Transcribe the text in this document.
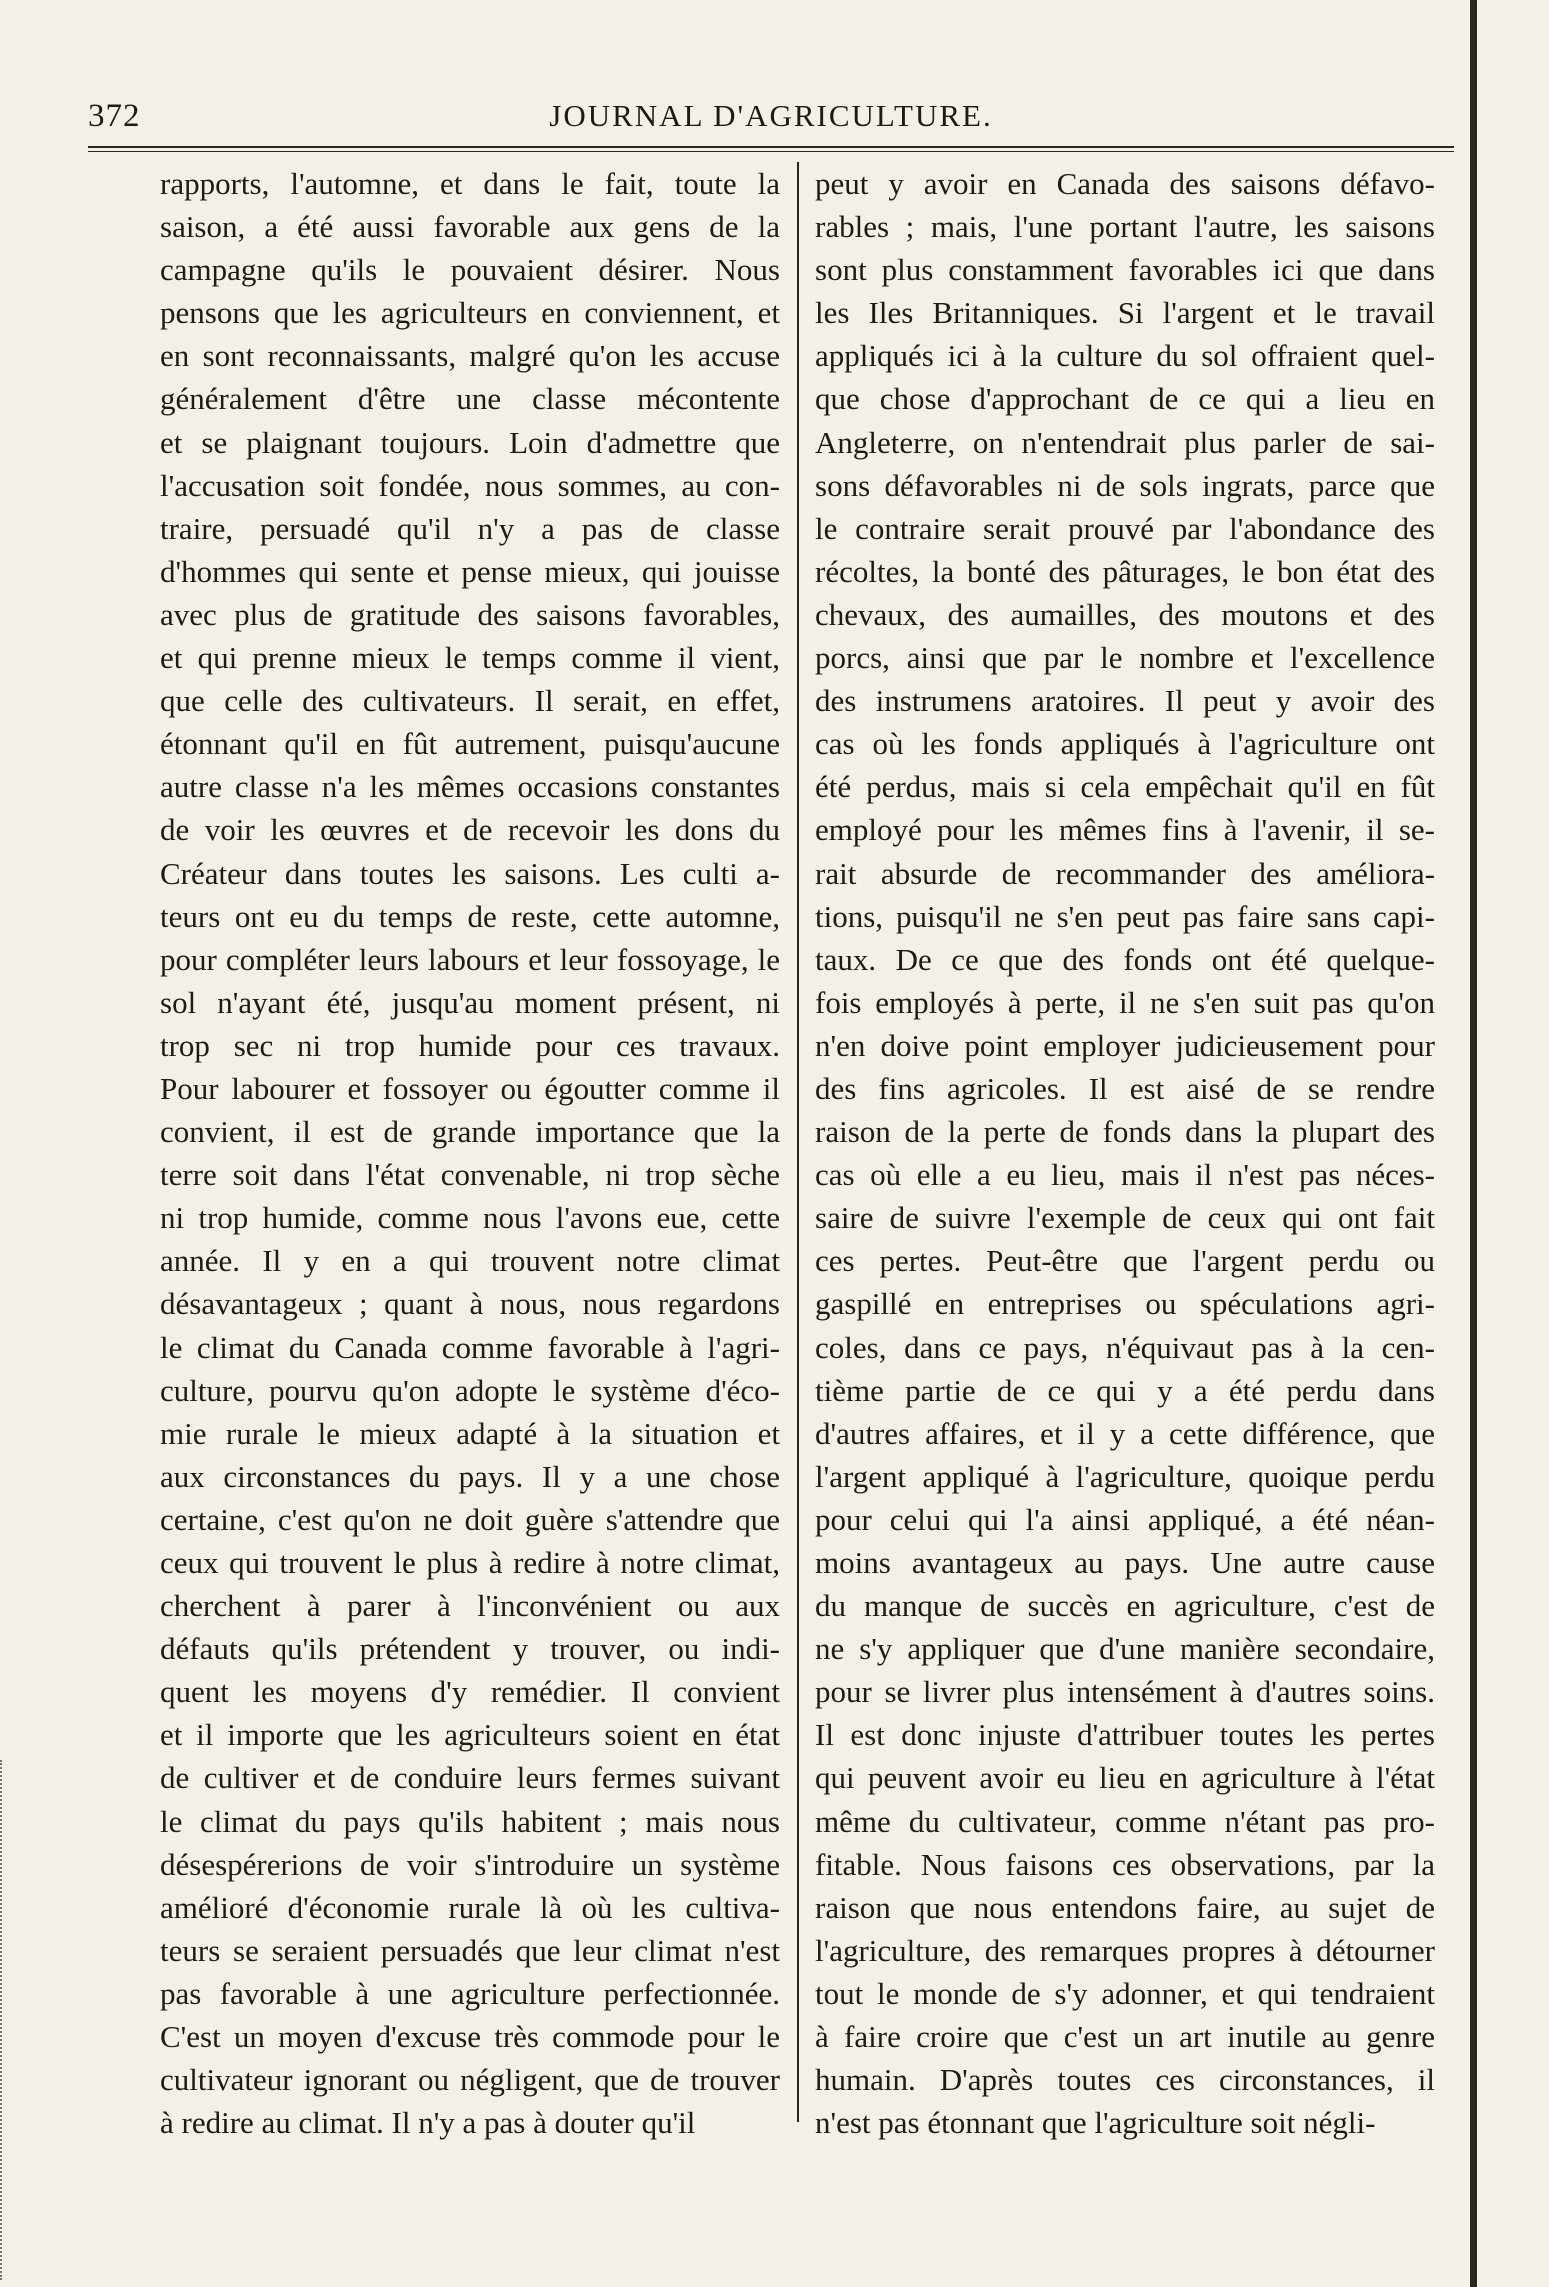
372	JOURNAL D'AGRICULTURE.
rapports, l'automne, et dans le fait, toute la
saison, a été aussi favorable aux gens de la
campagne qu'ils le pouvaient désirer. Nous
pensons que les agriculteurs en conviennent, et
en sont reconnaissants, malgré qu'on les accuse
généralement d'être une classe mécontente
et se plaignant toujours. Loin d'admettre que
l'accusation soit fondée, nous sommes, au con-
traire, persuadé qu'il n'y a pas de classe
d'hommes qui sente et pense mieux, qui jouisse
avec plus de gratitude des saisons favorables,
et qui prenne mieux le temps comme il vient,
que celle des cultivateurs. Il serait, en effet,
étonnant qu'il en fût autrement, puisqu'aucune
autre classe n'a les mêmes occasions constantes
de voir les œuvres et de recevoir les dons du
Créateur dans toutes les saisons. Les culti a-
teurs ont eu du temps de reste, cette automne,
pour compléter leurs labours et leur fossoyage, le
sol n'ayant été, jusqu'au moment présent, ni
trop sec ni trop humide pour ces travaux.
Pour labourer et fossoyer ou égoutter comme il
convient, il est de grande importance que la
terre soit dans l'état convenable, ni trop sèche
ni trop humide, comme nous l'avons eue, cette
année. Il y en a qui trouvent notre climat
désavantageux ; quant à nous, nous regardons
le climat du Canada comme favorable à l'agri-
culture, pourvu qu'on adopte le système d'éco-
mie rurale le mieux adapté à la situation et
aux circonstances du pays. Il y a une chose
certaine, c'est qu'on ne doit guère s'attendre que
ceux qui trouvent le plus à redire à notre climat,
cherchent à parer à l'inconvénient ou aux
défauts qu'ils prétendent y trouver, ou indi-
quent les moyens d'y remédier. Il convient
et il importe que les agriculteurs soient en état
de cultiver et de conduire leurs fermes suivant
le climat du pays qu'ils habitent ; mais nous
désespérerions de voir s'introduire un système
amélioré d'économie rurale là où les cultiva-
teurs se seraient persuadés que leur climat n'est
pas favorable à une agriculture perfectionnée.
C'est un moyen d'excuse très commode pour le
cultivateur ignorant ou négligent, que de trouver
à redire au climat. Il n'y a pas à douter qu'il
peut y avoir en Canada des saisons défavo-
rables ; mais, l'une portant l'autre, les saisons
sont plus constamment favorables ici que dans
les Iles Britanniques. Si l'argent et le travail
appliqués ici à la culture du sol offraient quel-
que chose d'approchant de ce qui a lieu en
Angleterre, on n'entendrait plus parler de sai-
sons défavorables ni de sols ingrats, parce que
le contraire serait prouvé par l'abondance des
récoltes, la bonté des pâturages, le bon état des
chevaux, des aumailles, des moutons et des
porcs, ainsi que par le nombre et l'excellence
des instrumens aratoires. Il peut y avoir des
cas où les fonds appliqués à l'agriculture ont
été perdus, mais si cela empêchait qu'il en fût
employé pour les mêmes fins à l'avenir, il se-
rait absurde de recommander des améliora-
tions, puisqu'il ne s'en peut pas faire sans capi-
taux. De ce que des fonds ont été quelque-
fois employés à perte, il ne s'en suit pas qu'on
n'en doive point employer judicieusement pour
des fins agricoles. Il est aisé de se rendre
raison de la perte de fonds dans la plupart des
cas où elle a eu lieu, mais il n'est pas néces-
saire de suivre l'exemple de ceux qui ont fait
ces pertes. Peut-être que l'argent perdu ou
gaspillé en entreprises ou spéculations agri-
coles, dans ce pays, n'équivaut pas à la cen-
tième partie de ce qui y a été perdu dans
d'autres affaires, et il y a cette différence, que
l'argent appliqué à l'agriculture, quoique perdu
pour celui qui l'a ainsi appliqué, a été néan-
moins avantageux au pays. Une autre cause
du manque de succès en agriculture, c'est de
ne s'y appliquer que d'une manière secondaire,
pour se livrer plus intensément à d'autres soins.
Il est donc injuste d'attribuer toutes les pertes
qui peuvent avoir eu lieu en agriculture à l'état
même du cultivateur, comme n'étant pas pro-
fitable. Nous faisons ces observations, par la
raison que nous entendons faire, au sujet de
l'agriculture, des remarques propres à détourner
tout le monde de s'y adonner, et qui tendraient
à faire croire que c'est un art inutile au genre
humain. D'après toutes ces circonstances, il
n'est pas étonnant que l'agriculture soit négli-
